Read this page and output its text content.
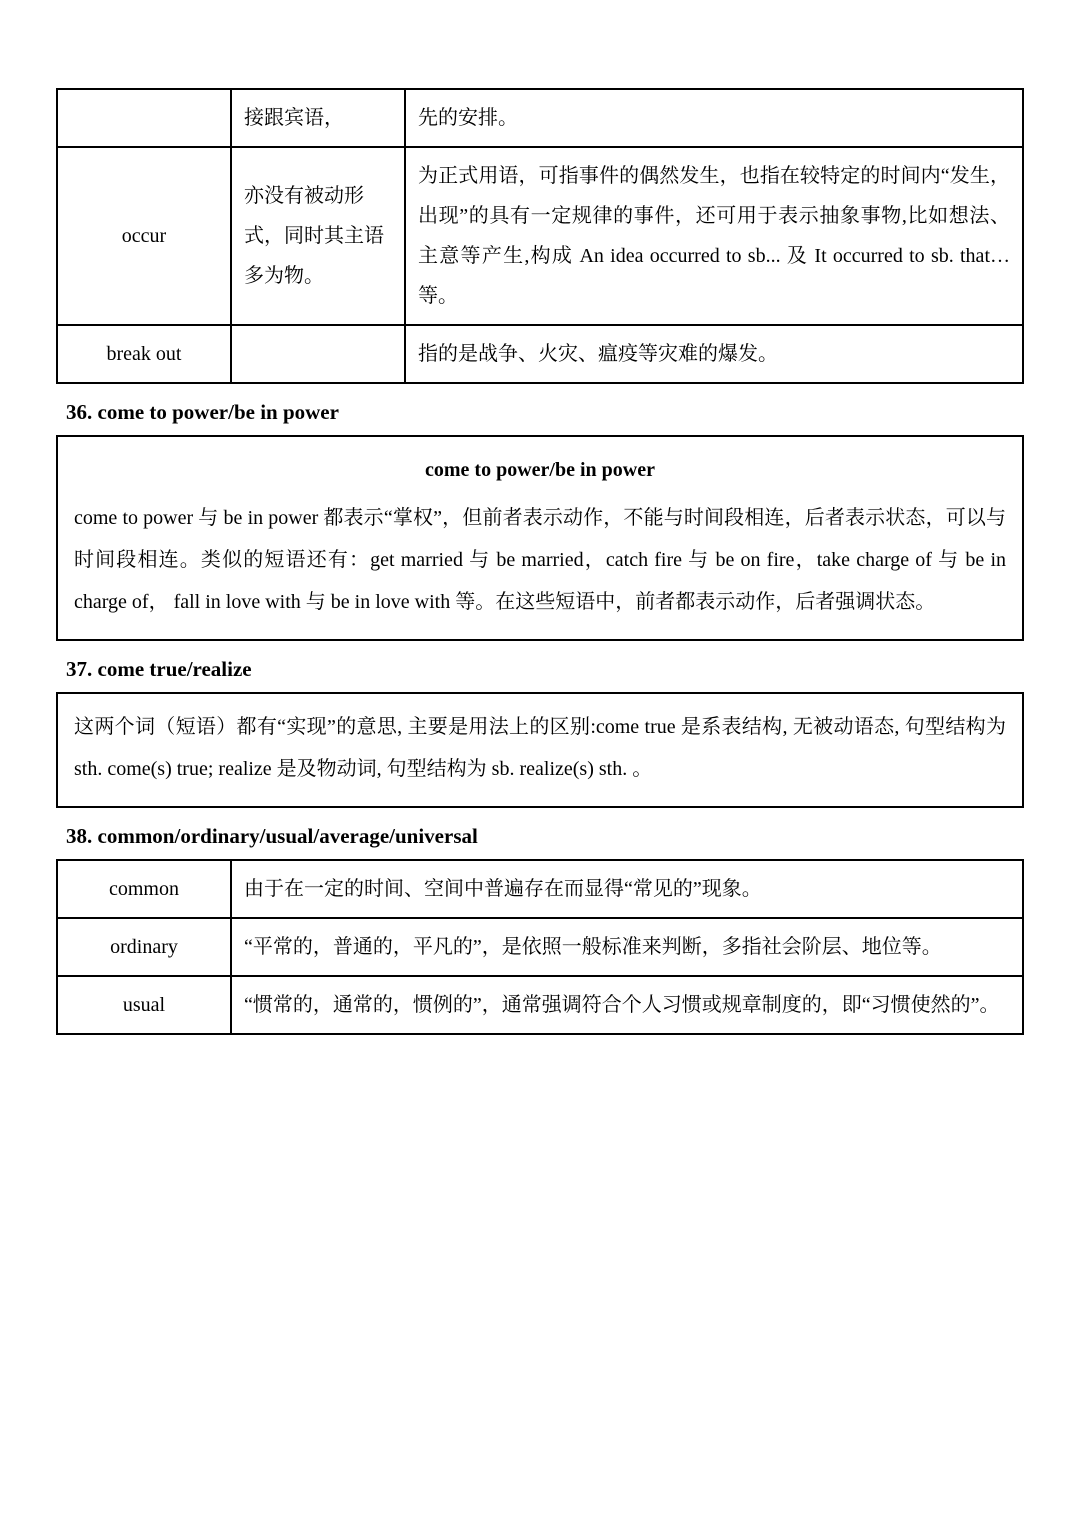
	接跟宾语，	先的安排。
occur	亦没有被动形式，同时其主语多为物。	为正式用语，可指事件的偶然发生，也指在较特定的时间内“发生，出现”的具有一定规律的事件，还可用于表示抽象事物,比如想法、主意等产生,构成 An idea occurred to sb... 及 It occurred to sb. that… 等。
break out		指的是战争、火灾、瘟疫等灾难的爆发。
36. come to power/be in power
come to power/be in power
come to power 与 be in power 都表示“掌权”，但前者表示动作，不能与时间段相连，后者表示状态，可以与时间段相连。类似的短语还有：get married 与 be married，catch fire 与 be on fire，take charge of 与 be in charge of， fall in love with 与 be in love with 等。在这些短语中，前者都表示动作，后者强调状态。
37. come true/realize
这两个词（短语）都有“实现”的意思, 主要是用法上的区别:come true 是系表结构, 无被动语态, 句型结构为 sth. come(s) true; realize 是及物动词, 句型结构为 sb. realize(s) sth. 。
38. common/ordinary/usual/average/universal
common	由于在一定的时间、空间中普遍存在而显得“常见的”现象。
ordinary	“平常的，普通的，平凡的”，是依照一般标准来判断，多指社会阶层、地位等。
usual	“惯常的，通常的，惯例的”，通常强调符合个人习惯或规章制度的，即“习惯使然的”。
